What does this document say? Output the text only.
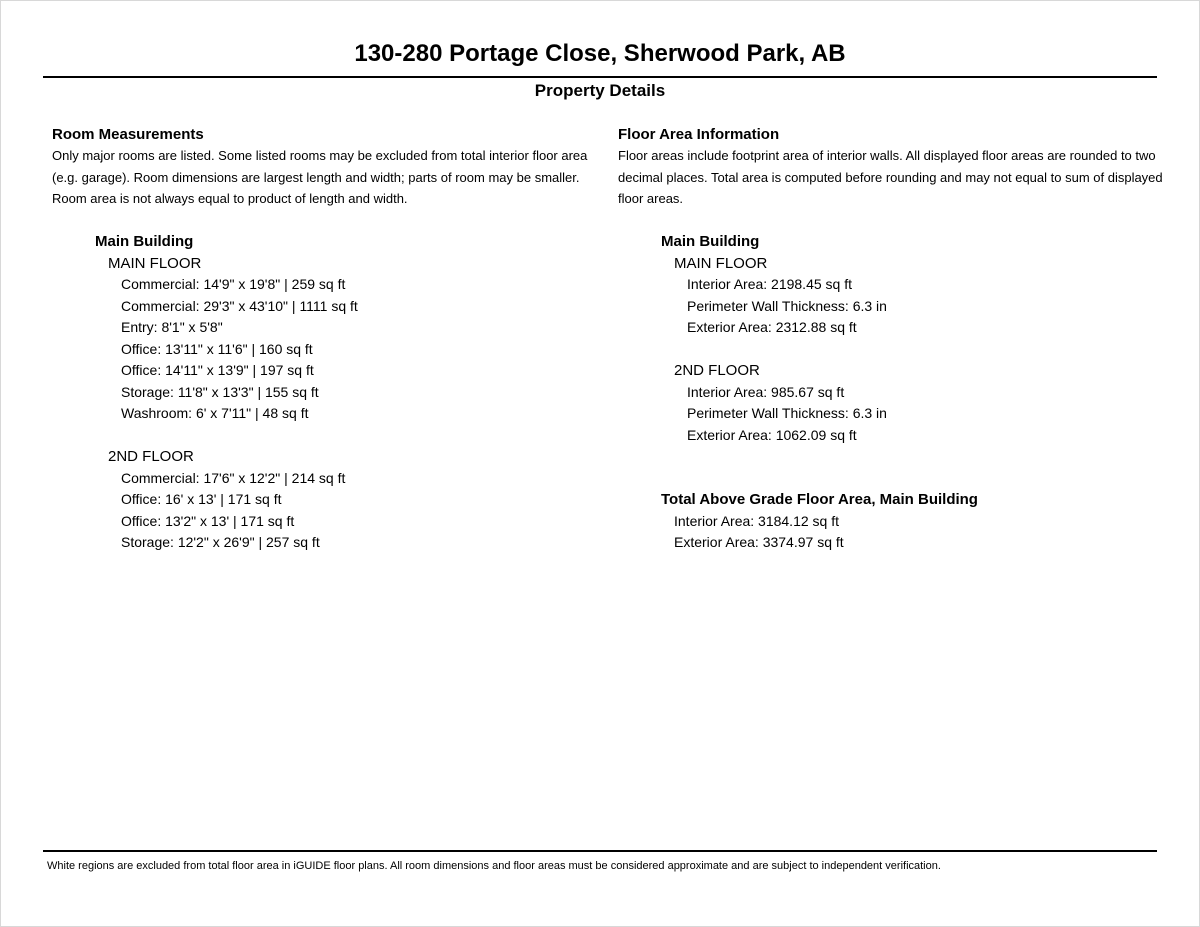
130-280 Portage Close, Sherwood Park, AB
Property Details
Room Measurements

Only major rooms are listed. Some listed rooms may be excluded from total interior floor area (e.g. garage). Room dimensions are largest length and width; parts of room may be smaller. Room area is not always equal to product of length and width.

Main Building
MAIN FLOOR
Commercial: 14'9" x 19'8" | 259 sq ft
Commercial: 29'3" x 43'10" | 1111 sq ft
Entry: 8'1" x 5'8"
Office: 13'11" x 11'6" | 160 sq ft
Office: 14'11" x 13'9" | 197 sq ft
Storage: 11'8" x 13'3" | 155 sq ft
Washroom: 6' x 7'11" | 48 sq ft
2ND FLOOR
Commercial: 17'6" x 12'2" | 214 sq ft
Office: 16' x 13' | 171 sq ft
Office: 13'2" x 13' | 171 sq ft
Storage: 12'2" x 26'9" | 257 sq ft
Floor Area Information

Floor areas include footprint area of interior walls. All displayed floor areas are rounded to two decimal places. Total area is computed before rounding and may not equal to sum of displayed floor areas.

Main Building
MAIN FLOOR
Interior Area: 2198.45 sq ft
Perimeter Wall Thickness: 6.3 in
Exterior Area: 2312.88 sq ft
2ND FLOOR
Interior Area: 985.67 sq ft
Perimeter Wall Thickness: 6.3 in
Exterior Area: 1062.09 sq ft
Total Above Grade Floor Area, Main Building
Interior Area: 3184.12 sq ft
Exterior Area: 3374.97 sq ft
White regions are excluded from total floor area in iGUIDE floor plans. All room dimensions and floor areas must be considered approximate and are subject to independent verification.
